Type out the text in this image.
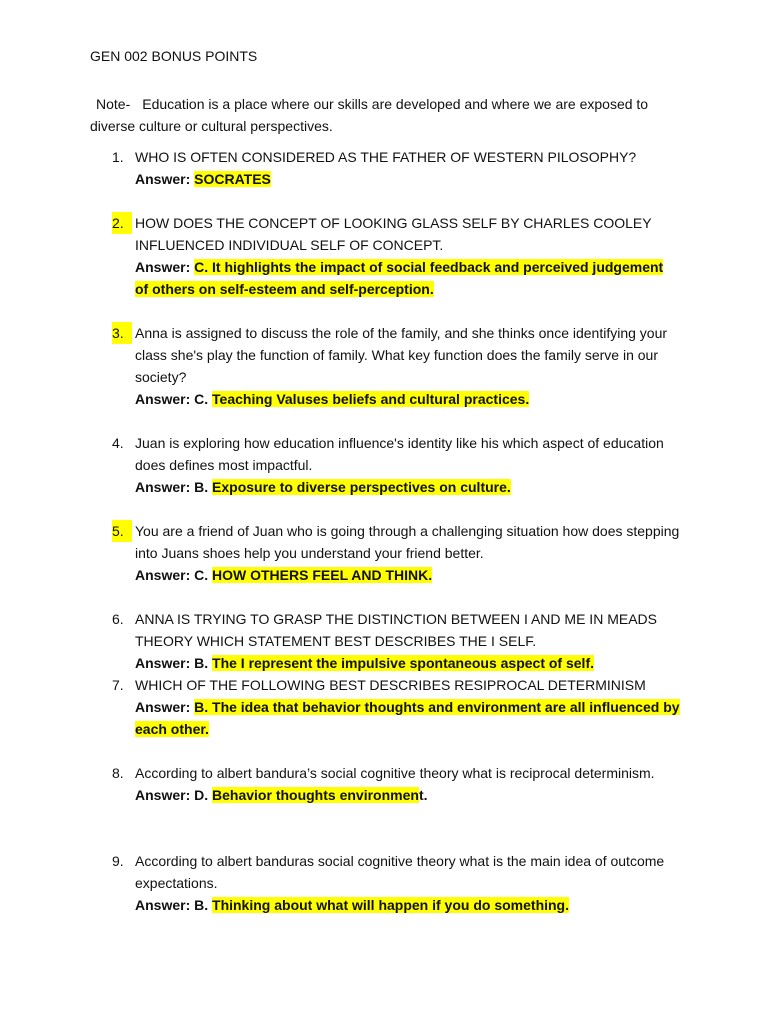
GEN 002 BONUS POINTS
Note- Education is a place where our skills are developed and where we are exposed to diverse culture or cultural perspectives.
1. WHO IS OFTEN CONSIDERED AS THE FATHER OF WESTERN PILOSOPHY?
Answer: SOCRATES
2. HOW DOES THE CONCEPT OF LOOKING GLASS SELF BY CHARLES COOLEY INFLUENCED INDIVIDUAL SELF OF CONCEPT.
Answer: C. It highlights the impact of social feedback and perceived judgement of others on self-esteem and self-perception.
3. Anna is assigned to discuss the role of the family, and she thinks once identifying your class she's play the function of family. What key function does the family serve in our society?
Answer: C. Teaching Valuses beliefs and cultural practices.
4. Juan is exploring how education influence's identity like his which aspect of education does defines most impactful.
Answer: B. Exposure to diverse perspectives on culture.
5. You are a friend of Juan who is going through a challenging situation how does stepping into Juans shoes help you understand your friend better.
Answer: C. HOW OTHERS FEEL AND THINK.
6. ANNA IS TRYING TO GRASP THE DISTINCTION BETWEEN I AND ME IN MEADS THEORY WHICH STATEMENT BEST DESCRIBES THE I SELF.
Answer: B. The I represent the impulsive spontaneous aspect of self.
7. WHICH OF THE FOLLOWING BEST DESCRIBES RESIPROCAL DETERMINISM
Answer: B. The idea that behavior thoughts and environment are all influenced by each other.
8. According to albert bandura’s social cognitive theory what is reciprocal determinism.
Answer: D. Behavior thoughts environment.
9. According to albert banduras social cognitive theory what is the main idea of outcome expectations.
Answer: B. Thinking about what will happen if you do something.
